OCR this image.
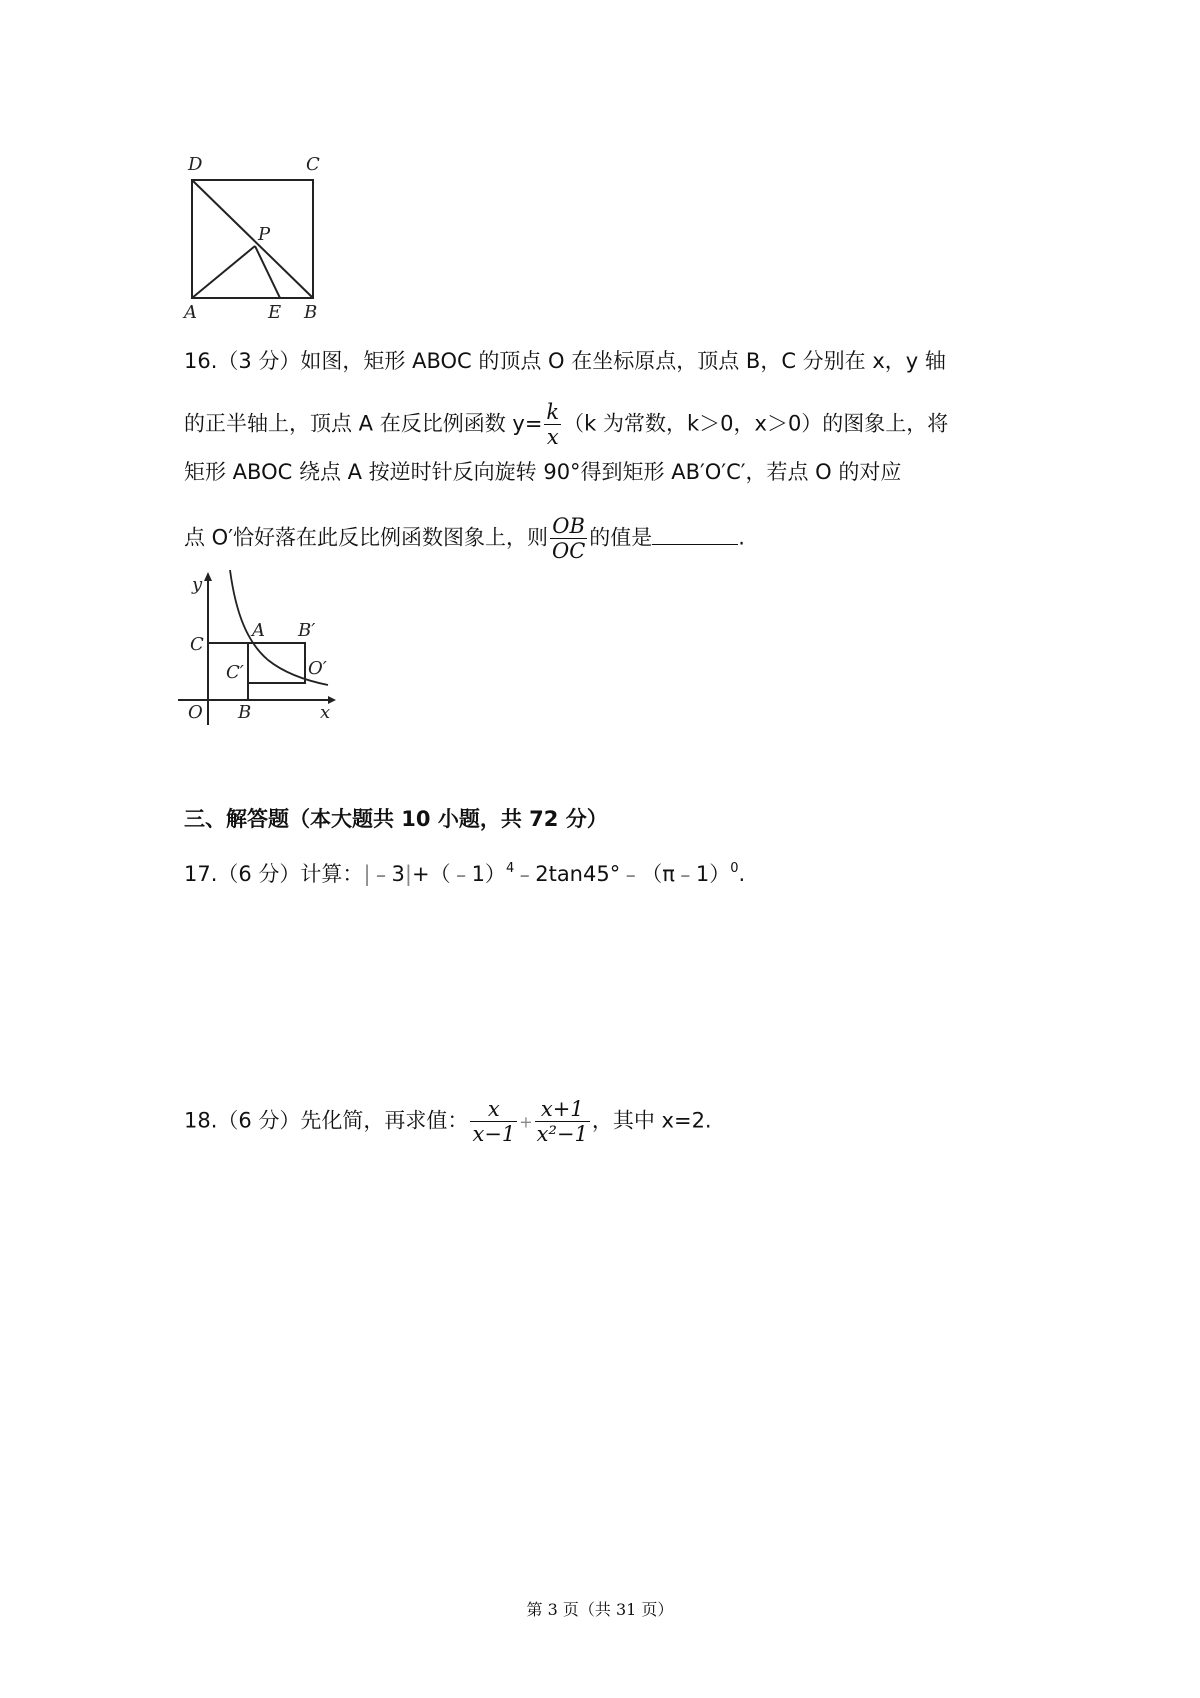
D	C
P
A	E B
16.（3 分）如图，矩形 ABOC 的顶点 O 在坐标原点，顶点 B，C 分别在 x，y 轴
的正半轴上，顶点 A 在反比例函数 $y= \frac{k}{x} (k$ 为常数，k＞0，x＞0）的图象上，将
矩形 ABOC 绕点 A 按逆时针反向旋转 90°得到矩形 AB′O′C′，若点 O 的对应
点 O′恰好落在此反比例函数图象上，则 $\frac{OB}{OC}$ 的值是	.
y
C
A B′
C′	O′
O B	x
三、解答题（本大题共 10 小题，共 72 分）
17.（6 分）计算：|﹣3|+（﹣1）$^4$﹣2tan45°﹣（π﹣1）$^0$.
18.（6 分）先化简，再求值： $\frac{x}{x-1} + \frac{x+1}{\text{x²−1}}$ ，其中 x=2.
第 3 页（共 31 页）
